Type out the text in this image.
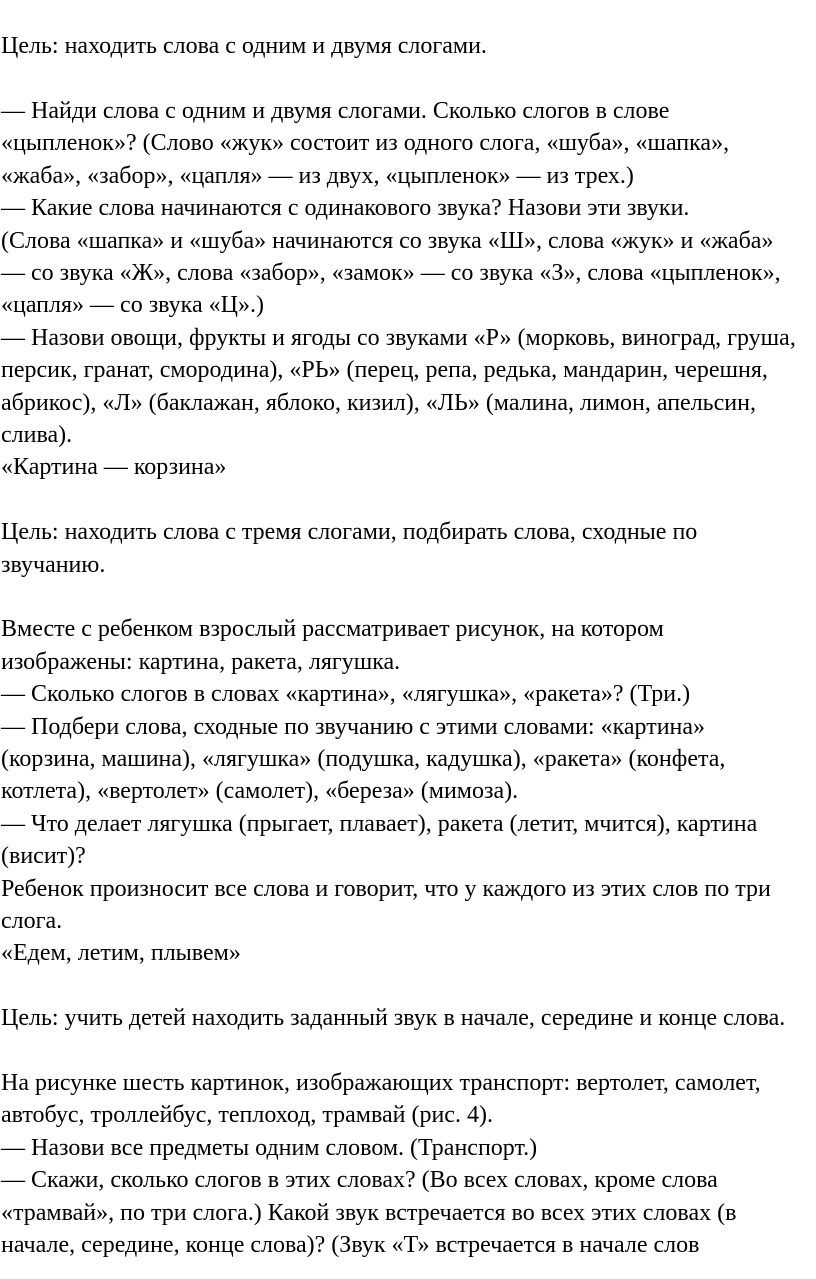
Цель: находить слова с одним и двумя слогами.

— Найди слова с одним и двумя слогами. Сколько слогов в слове

«цыпленок»? (Слово «жук» состоит из одного слога, «шуба», «шапка»,

«жаба», «забор», «цапля» — из двух, «цыпленок» — из трех.)

— Какие слова начинаются с одинакового звука? Назови эти звуки.

(Слова «шапка» и «шуба» начинаются со звука «Ш», слова «жук» и «жаба»

— со звука «Ж», слова «забор», «замок» — со звука «З», слова «цыпленок»,

«цапля» — со звука «Ц».)

— Назови овощи, фрукты и ягоды со звуками «Р» (морковь, виноград, груша,

персик, гранат, смородина), «РЬ» (перец, репа, редька, мандарин, черешня,

абрикос), «Л» (баклажан, яблоко, кизил), «ЛЬ» (малина, лимон, апельсин,

слива).

«Картина — корзина»

Цель: находить слова с тремя слогами, подбирать слова, сходные по

звучанию.

Вместе с ребенком взрослый рассматривает рисунок, на котором

изображены: картина, ракета, лягушка.

— Сколько слогов в словах «картина», «лягушка», «ракета»? (Три.)

— Подбери слова, сходные по звучанию с этими словами: «картина»

(корзина, машина), «лягушка» (подушка, кадушка), «ракета» (конфета,

котлета), «вертолет» (самолет), «береза» (мимоза).

— Что делает лягушка (прыгает, плавает), ракета (летит, мчится), картина

(висит)?

Ребенок произносит все слова и говорит, что у каждого из этих слов по три

слога.

«Едем, летим, плывем»

Цель: учить детей находить заданный звук в начале, середине и конце слова.

На рисунке шесть картинок, изображающих транспорт: вертолет, самолет,

автобус, троллейбус, теплоход, трамвай (рис. 4).

— Назови все предметы одним словом. (Транспорт.)

— Скажи, сколько слогов в этих словах? (Во всех словах, кроме слова

«трамвай», по три слога.) Какой звук встречается во всех этих словах (в

начале, середине, конце слова)? (Звук «Т» встречается в начале слов
